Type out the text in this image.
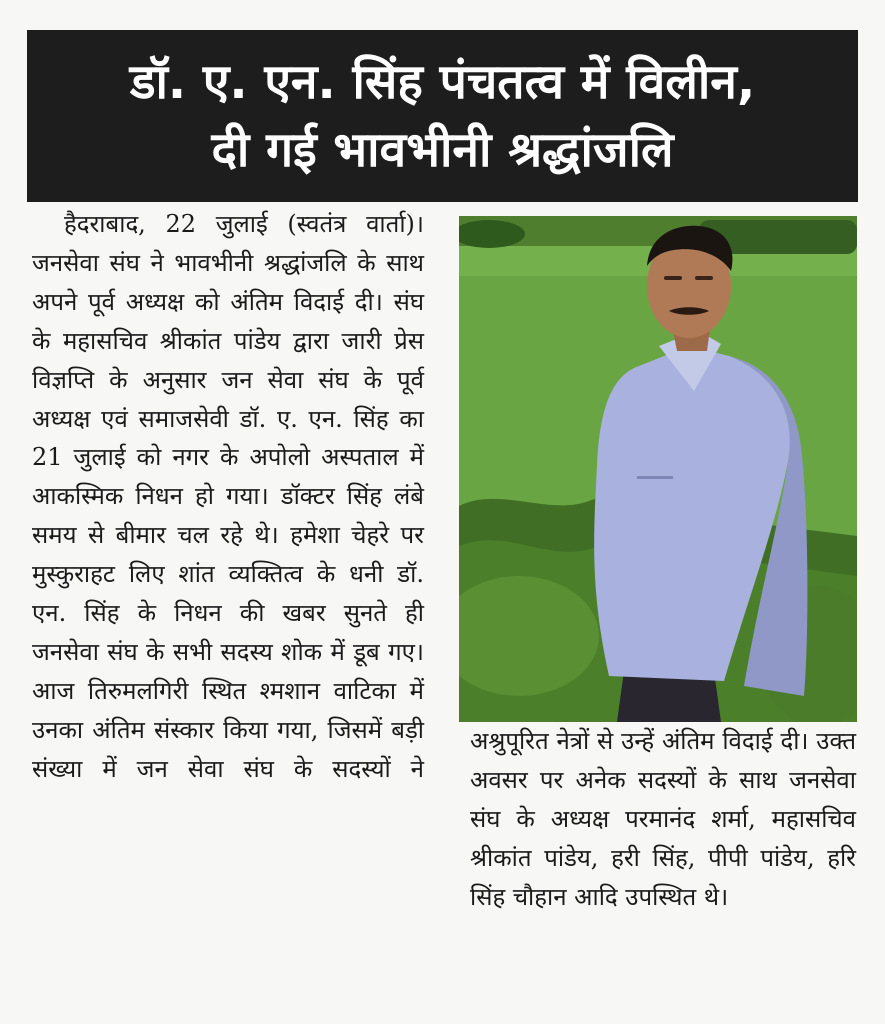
डॉ. ए. एन. सिंह पंचतत्व में विलीन,
दी गई भावभीनी श्रद्धांजलि

हैदराबाद, 22 जुलाई (स्वतंत्र वार्ता)। जनसेवा संघ ने भावभीनी श्रद्धांजलि के साथ अपने पूर्व अध्यक्ष को अंतिम विदाई दी। संघ के महासचिव श्रीकांत पांडेय द्वारा जारी प्रेस विज्ञप्ति के अनुसार जन सेवा संघ के पूर्व अध्यक्ष एवं समाजसेवी डॉ. ए. एन. सिंह का 21 जुलाई को नगर के अपोलो अस्पताल में आकस्मिक निधन हो गया। डॉक्टर सिंह लंबे समय से बीमार चल रहे थे। हमेशा चेहरे पर मुस्कुराहट लिए शांत व्यक्तित्व के धनी डॉ. एन. सिंह के निधन की खबर सुनते ही जनसेवा संघ के सभी सदस्य शोक में डूब गए। आज तिरुमलगिरी स्थित श्मशान वाटिका में उनका अंतिम संस्कार किया गया, जिसमें बड़ी संख्या में जन सेवा संघ के सदस्यों ने

अश्रुपूरित नेत्रों से उन्हें अंतिम विदाई दी। उक्त अवसर पर अनेक सदस्यों के साथ जनसेवा संघ के अध्यक्ष परमानंद शर्मा, महासचिव श्रीकांत पांडेय, हरी सिंह, पीपी पांडेय, हरि सिंह चौहान आदि उपस्थित थे।
